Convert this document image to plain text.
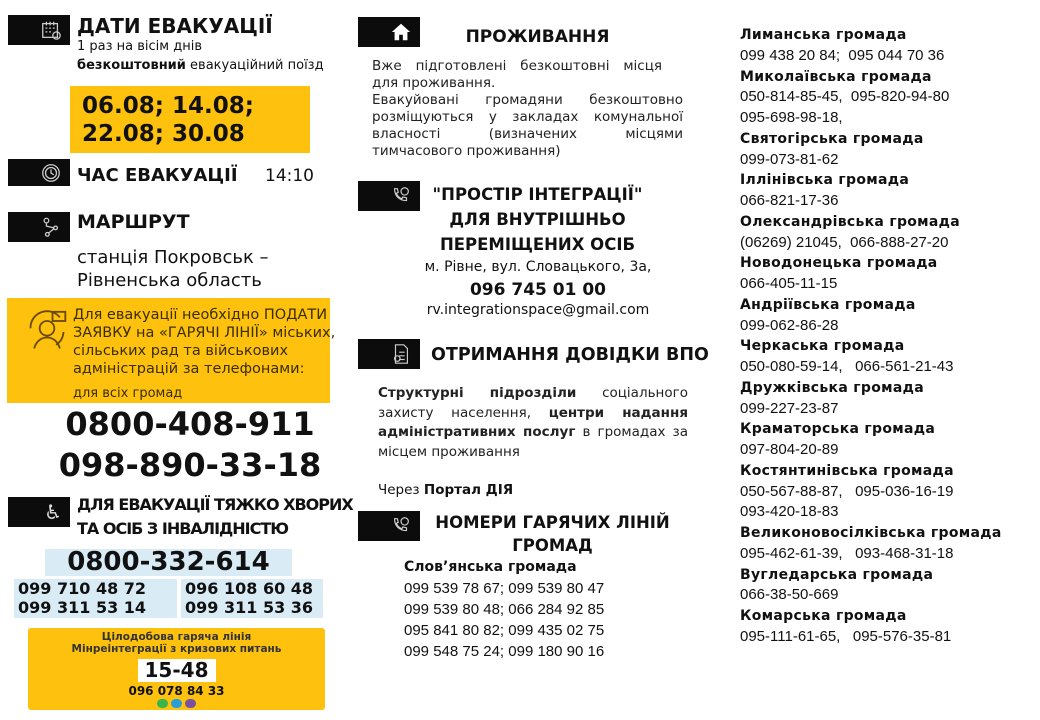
ДАТИ ЕВАКУАЦІЇ
1 раз на вісім днів
безкоштовний евакуаційний поїзд
06.08; 14.08;
22.08; 30.08
ЧАС ЕВАКУАЦІЇ 14:10
МАРШРУТ
станція Покровськ –
Рівненська область
Для евакуації необхідно ПОДАТИ
ЗАЯВКУ на «ГАРЯЧІ ЛІНІЇ» міських,
сільських рад та військових
адміністрацій за телефонами:
для всіх громад
0800-408-911
098-890-33-18
♿ ДЛЯ ЕВАКУАЦІЇ ТЯЖКО ХВОРИХ
ТА ОСІБ З ІНВАЛІДНІСТЮ
0800-332-614
099 710 48 72
099 311 53 14
096 108 60 48
099 311 53 36
Цілодобова гаряча лінія
Мінреінтеграції з кризових питань
15-48
096 078 84 33
ПРОЖИВАННЯ
Вже підготовлені безкоштовні місця для проживання.
Евакуйовані громадяни безкоштовно розміщуються у закладах комунальної власності (визначених місцями тимчасового проживання)
"ПРОСТІР ІНТЕГРАЦІЇ"
ДЛЯ ВНУТРІШНЬО
ПЕРЕМІЩЕНИХ ОСІБ
м. Рівне, вул. Словацького, 3а,
096 745 01 00
rv.integrationspace@gmail.com
ОТРИМАННЯ ДОВІДКИ ВПО
Структурні підрозділи соціального захисту населення, центри надання адміністративних послуг в громадах за місцем проживання
Через Портал ДІЯ
НОМЕРИ ГАРЯЧИХ ЛІНІЙ
ГРОМАД
Слов’янська громада
099 539 78 67; 099 539 80 47
099 539 80 48; 066 284 92 85
095 841 80 82; 099 435 02 75
099 548 75 24; 099 180 90 16
Лиманська громада
099 438 20 84;  095 044 70 36
Миколаївська громада
050-814-85-45,  095-820-94-80
095-698-98-18,
Святогірська громада
099-073-81-62
Іллінівська громада
066-821-17-36
Олександрівська громада
(06269) 21045,  066-888-27-20
Новодонецька громада
066-405-11-15
Андріївська громада
099-062-86-28
Черкаська громада
050-080-59-14,   066-561-21-43
Дружківська громада
099-227-23-87
Краматорська громада
097-804-20-89
Костянтинівська громада
050-567-88-87,   095-036-16-19
093-420-18-83
Великоновосілківська громада
095-462-61-39,   093-468-31-18
Вугледарська громада
066-38-50-669
Комарська громада
095-111-61-65,   095-576-35-81
